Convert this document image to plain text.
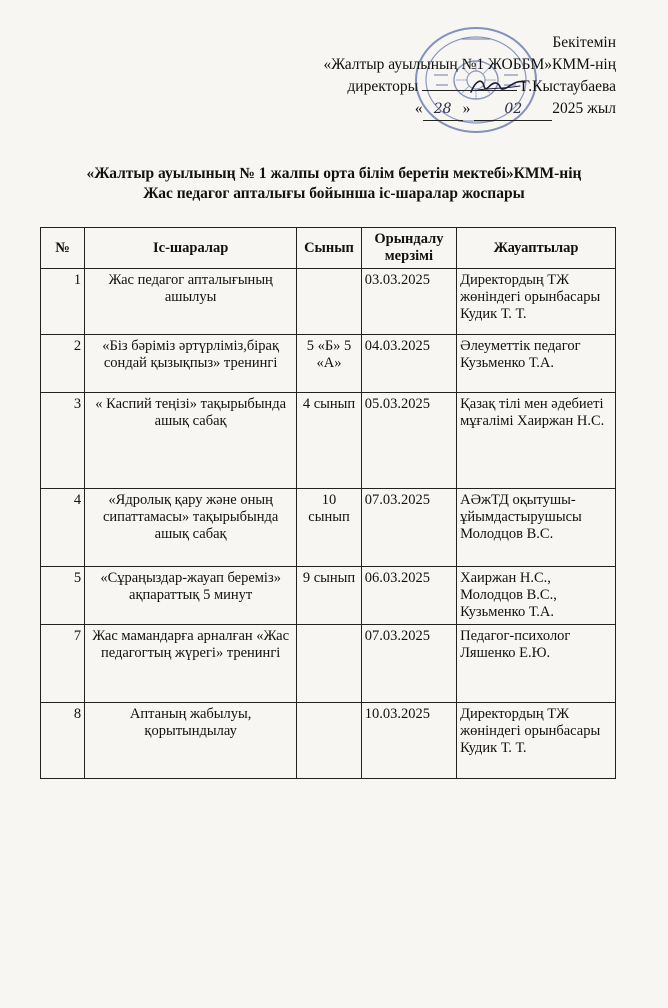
Бекітемін
«Жалтыр ауылының №1 ЖОББМ»КММ-нің
директоры	Г.Кыстаубаева
« 28 » 02 2025 жыл
«Жалтыр ауылының № 1 жалпы орта білім беретін мектебі»КММ-нің
Жас педагог апталығы бойынша іс-шаралар жоспары
№	Іс-шаралар	Сынып	Орындалу мерзімі	Жауаптылар
1	Жас педагог апталығының ашылуы		03.03.2025	Директордың ТЖ жөніндегі орынбасары Кудик Т. Т.
2	«Біз бәріміз әртүрліміз,бірақ сондай қызықпыз» тренингі	5 «Б» 5 «А»	04.03.2025	Әлеуметтік педагог Кузьменко Т.А.
3	« Каспий теңізі» тақырыбында ашық сабақ	4 сынып	05.03.2025	Қазақ тілі мен әдебиеті мұғалімі Хаиржан Н.С.
4	«Ядролық қару және оның сипаттамасы» тақырыбында ашық сабақ	10 сынып	07.03.2025	АӘжТД оқытушы-ұйымдастырушысы Молодцов В.С.
5	«Сұраңыздар-жауап береміз» ақпараттық 5 минут	9 сынып	06.03.2025	Хаиржан Н.С., Молодцов В.С., Кузьменко Т.А.
7	Жас мамандарға арналған «Жас педагогтың жүрегі» тренингі		07.03.2025	Педагог-психолог Ляшенко Е.Ю.
8	Аптаның жабылуы, қорытындылау		10.03.2025	Директордың ТЖ жөніндегі орынбасары Кудик Т. Т.
